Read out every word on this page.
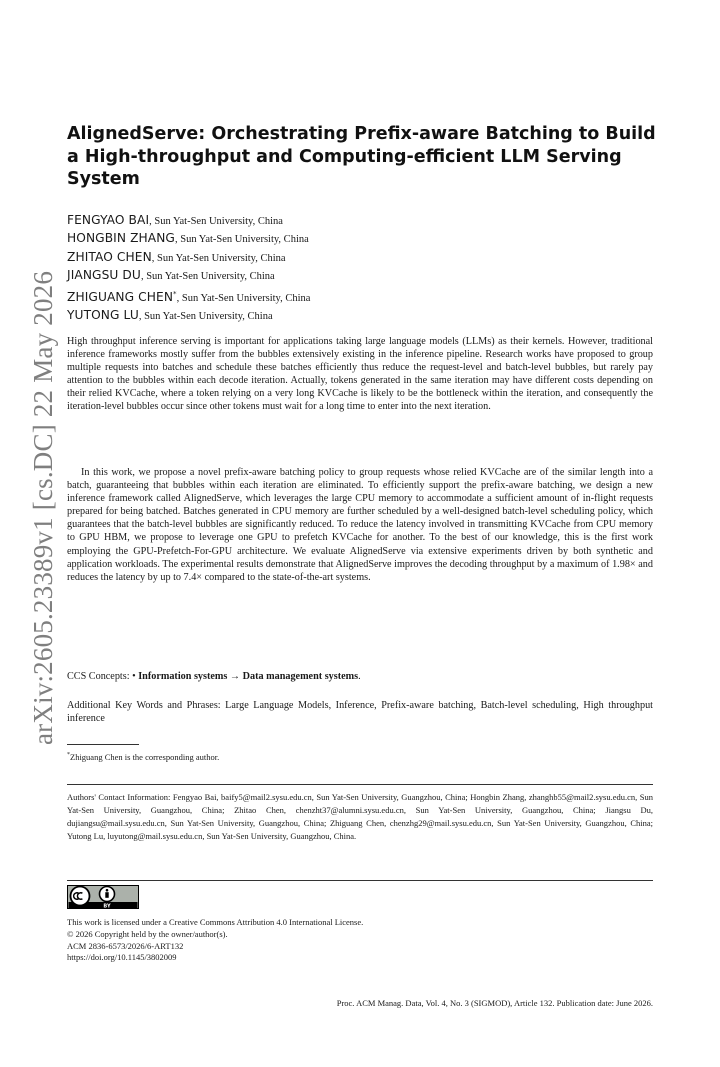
arXiv:2605.23389v1 [cs.DC] 22 May 2026
AlignedServe: Orchestrating Prefix-aware Batching to Build a High-throughput and Computing-efficient LLM Serving System
FENGYAO BAI, Sun Yat-Sen University, China
HONGBIN ZHANG, Sun Yat-Sen University, China
ZHITAO CHEN, Sun Yat-Sen University, China
JIANGSU DU, Sun Yat-Sen University, China
ZHIGUANG CHEN*, Sun Yat-Sen University, China
YUTONG LU, Sun Yat-Sen University, China

High throughput inference serving is important for applications taking large language models (LLMs) as their kernels. However, traditional inference frameworks mostly suffer from the bubbles extensively existing in the inference pipeline. Research works have proposed to group multiple requests into batches and schedule these batches efficiently thus reduce the request-level and batch-level bubbles, but rarely pay attention to the bubbles within each decode iteration. Actually, tokens generated in the same iteration may have different costs depending on their relied KVCache, where a token relying on a very long KVCache is likely to be the bottleneck within the iteration, and consequently the iteration-level bubbles occur since other tokens must wait for a long time to enter into the next iteration.

In this work, we propose a novel prefix-aware batching policy to group requests whose relied KVCache are of the similar length into a batch, guaranteeing that bubbles within each iteration are eliminated. To efficiently support the prefix-aware batching, we design a new inference framework called AlignedServe, which leverages the large CPU memory to accommodate a sufficient amount of in-flight requests prepared for being batched. Batches generated in CPU memory are further scheduled by a well-designed batch-level scheduling policy, which guarantees that the batch-level bubbles are significantly reduced. To reduce the latency involved in transmitting KVCache from CPU memory to GPU HBM, we propose to leverage one GPU to prefetch KVCache for another. To the best of our knowledge, this is the first work employing the GPU-Prefetch-For-GPU architecture. We evaluate AlignedServe via extensive experiments driven by both synthetic and application workloads. The experimental results demonstrate that AlignedServe improves the decoding throughput by a maximum of 1.98× and reduces the latency by up to 7.4× compared to the state-of-the-art systems.

CCS Concepts: • Information systems → Data management systems.

Additional Key Words and Phrases: Large Language Models, Inference, Prefix-aware batching, Batch-level scheduling, High throughput inference

*Zhiguang Chen is the corresponding author.

Authors' Contact Information: Fengyao Bai, baify5@mail2.sysu.edu.cn, Sun Yat-Sen University, Guangzhou, China; Hongbin Zhang, zhanghb55@mail2.sysu.edu.cn, Sun Yat-Sen University, Guangzhou, China; Zhitao Chen, chenzht37@alumni.sysu.edu.cn, Sun Yat-Sen University, Guangzhou, China; Jiangsu Du, dujiangsu@mail.sysu.edu.cn, Sun Yat-Sen University, Guangzhou, China; Zhiguang Chen, chenzhg29@mail.sysu.edu.cn, Sun Yat-Sen University, Guangzhou, China; Yutong Lu, luyutong@mail.sysu.edu.cn, Sun Yat-Sen University, Guangzhou, China.

BY
This work is licensed under a Creative Commons Attribution 4.0 International License.
© 2026 Copyright held by the owner/author(s).
ACM 2836-6573/2026/6-ART132
https://doi.org/10.1145/3802009
Proc. ACM Manag. Data, Vol. 4, No. 3 (SIGMOD), Article 132. Publication date: June 2026.
